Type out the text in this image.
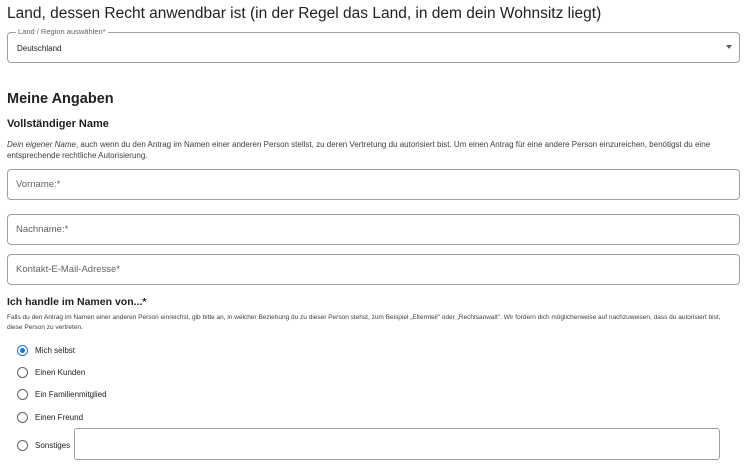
Land, dessen Recht anwendbar ist (in der Regel das Land, in dem dein Wohnsitz liegt)
Land / Region auswählen*
Deutschland
Meine Angaben
Vollständiger Name

Dein eigener Name, auch wenn du den Antrag im Namen einer anderen Person stellst, zu deren Vertretung du autorisiert bist. Um einen Antrag für eine andere Person einzureichen, benötigst du eine entsprechende rechtliche Autorisierung.

Vorname:*
Nachname:*
Kontakt-E-Mail-Adresse*
Ich handle im Namen von...*

Falls du den Antrag im Namen einer anderen Person einreichst, gib bitte an, in welcher Beziehung du zu dieser Person stehst, zum Beispiel „Elternteil" oder „Rechtsanwalt". Wir fordern dich möglicherweise auf nachzuweisen, dass du autorisiert bist, diese Person zu vertreten.

Mich selbst
Einen Kunden
Ein Familienmitglied
Einen Freund
Sonstiges
